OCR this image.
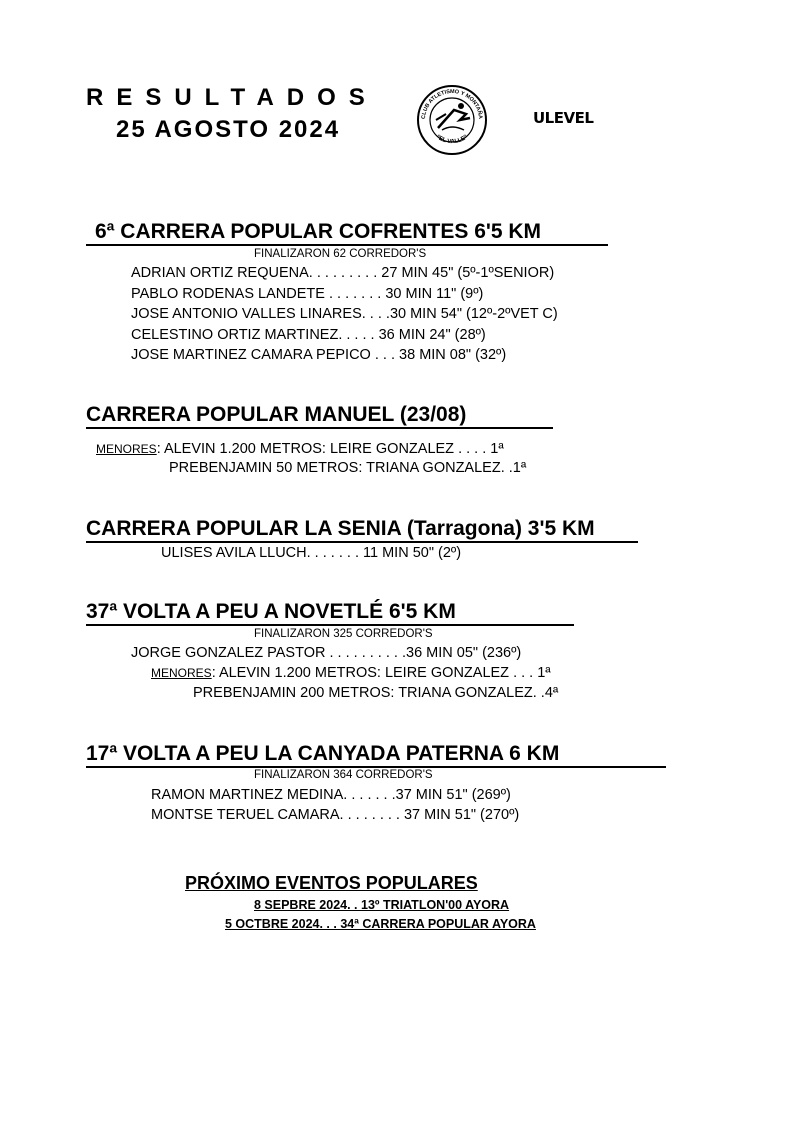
RESULTADOS
25 AGOSTO 2024	CLUB ATLETISMO Y MONTAÑA
"EL VALLE"
ULEVEL
6ª CARRERA POPULAR COFRENTES 6'5 KM
FINALIZARON 62 CORREDOR'S
ADRIAN ORTIZ REQUENA. . . . . . . . . 27 MIN 45" (5º-1ºSENIOR)
PABLO RODENAS LANDETE . . . . . . . 30 MIN 11" (9º)
JOSE ANTONIO VALLES LINARES. . . .30 MIN 54" (12º-2ºVET C)
CELESTINO ORTIZ MARTINEZ. . . . . 36 MIN 24" (28º)
JOSE MARTINEZ CAMARA PEPICO . . . 38 MIN 08" (32º)
CARRERA POPULAR MANUEL (23/08)
MENORES: ALEVIN 1.200 METROS: LEIRE GONZALEZ . . . . 1ª
PREBENJAMIN 50 METROS: TRIANA GONZALEZ. .1ª
CARRERA POPULAR LA SENIA (Tarragona) 3'5 KM
ULISES AVILA LLUCH. . . . . . . 11 MIN 50" (2º)
37ª VOLTA A PEU A NOVETLÉ 6'5 KM
FINALIZARON 325 CORREDOR'S
JORGE GONZALEZ PASTOR . . . . . . . . . .36 MIN 05" (236º)
MENORES: ALEVIN 1.200 METROS: LEIRE GONZALEZ . . . 1ª
PREBENJAMIN 200 METROS: TRIANA GONZALEZ. .4ª
17ª VOLTA A PEU LA CANYADA PATERNA 6 KM
FINALIZARON 364 CORREDOR'S
RAMON MARTINEZ MEDINA. . . . . . .37 MIN 51" (269º)
MONTSE TERUEL CAMARA. . . . . . . . 37 MIN 51" (270º)
PRÓXIMO EVENTOS POPULARES
8 SEPBRE 2024. . 13º TRIATLON'00 AYORA
5 OCTBRE 2024. . . 34ª CARRERA POPULAR AYORA
